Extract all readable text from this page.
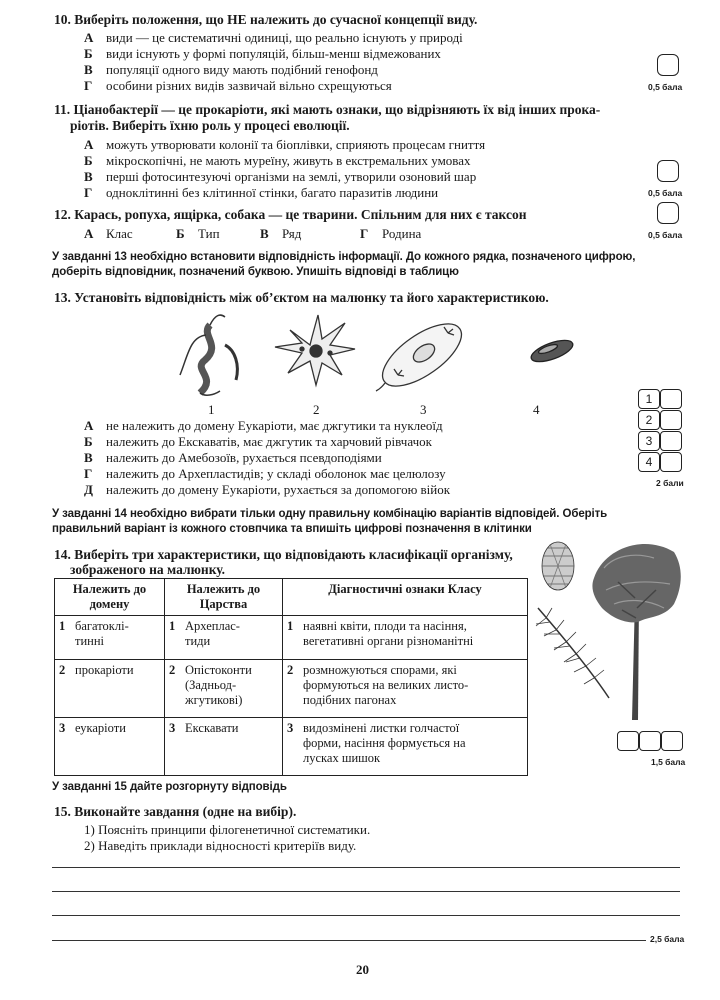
10. Виберіть положення, що НЕ належить до сучасної концепції виду.
А види — це систематичні одиниці, що реально існують у природі
Б види існують у формі популяцій, більш-менш відмежованих
В популяції одного виду мають подібний генофонд
Г особини різних видів зазвичай вільно схрещуються	0,5 бала
11. Ціанобактерії — це прокаріоти, які мають ознаки, що відрізняють їх від інших прока-
ріотів. Виберіть їхню роль у процесі еволюції.
А можуть утворювати колонії та біоплівки, сприяють процесам гниття
Б мікроскопічні, не мають муреїну, живуть в екстремальних умовах
В перші фотосинтезуючі організми на землі, утворили озоновий шар
Г одноклітинні без клітинної стінки, багато паразитів людини	0,5 бала
12. Карась, ропуха, ящірка, собака — це тварини. Спільним для них є таксон
А Клас	Б Тип	В Ряд	Г Родина	0,5 бала
У завданні 13 необхідно встановити відповідність інформації. До кожного рядка, позначеного цифрою,
доберіть відповідник, позначений буквою. Упишіть відповіді в таблицю
13. Установіть відповідність між об’єктом на малюнку та його характеристикою.
1	2	3	4
А не належить до домену Еукаріоти, має джгутики та нуклеоїд
Б належить до Екскаватів, має джгутик та харчовий рівчачок
В належить до Амебозоїв, рухається псевдоподіями
Г належить до Архепластидів; у складі оболонок має целюлозу
Д належить до домену Еукаріоти, рухається за допомогою війок
1
2
3
4
2 бали
У завданні 14 необхідно вибрати тільки одну правильну комбінацію варіантів відповідей. Оберіть
правильний варіант із кожного стовпчика та впишіть цифрові позначення в клітинки
14. Виберіть три характеристики, що відповідають класифікації організму,
зображеного на малюнку.
Належить до
домену	Належить до
Царства	Діагностичні ознаки Класу

1 багатоклі-
тинні	1 Археплас-
тиди	1 наявні квіти, плоди та насіння,
вегетативні органи різноманітні

2 прокаріоти	2 Опістоконти
(Задньод-
жгутикові)	2 розмножуються спорами, які
формуються на великих листо-
подібних пагонах

3 еукаріоти	3 Екскавати	3 видозмінені листки голчастої
форми, насіння формується на
лусках шишок	1,5 бала
У завданні 15 дайте розгорнуту відповідь
15. Виконайте завдання (одне на вибір).
1) Поясніть принципи філогенетичної систематики.
2) Наведіть приклади відносності критеріїв виду.
2,5 бала
20
